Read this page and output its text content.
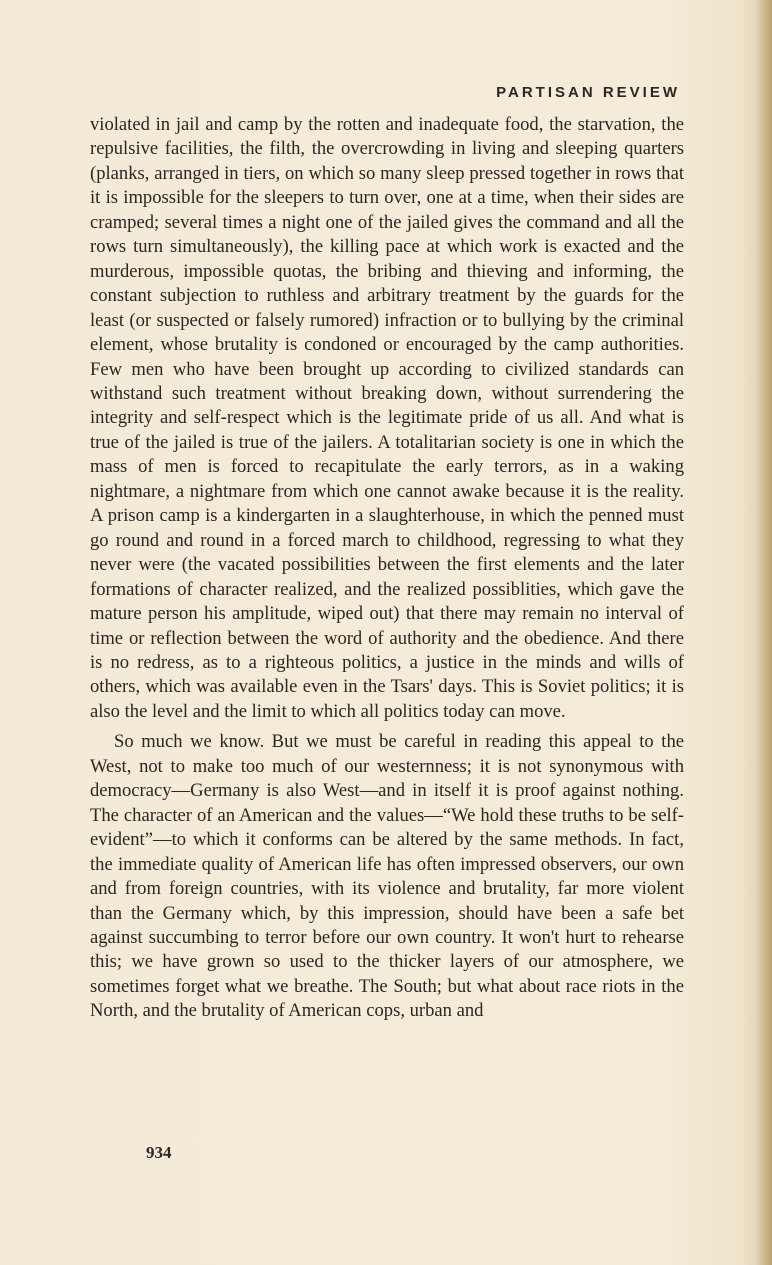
PARTISAN REVIEW

violated in jail and camp by the rotten and inadequate food, the starvation, the repulsive facilities, the filth, the overcrowding in living and sleeping quarters (planks, arranged in tiers, on which so many sleep pressed together in rows that it is impossible for the sleepers to turn over, one at a time, when their sides are cramped; several times a night one of the jailed gives the command and all the rows turn simultaneously), the killing pace at which work is exacted and the murderous, impossible quotas, the bribing and thieving and informing, the constant subjection to ruthless and arbitrary treatment by the guards for the least (or suspected or falsely rumored) infraction or to bullying by the criminal element, whose brutality is condoned or encouraged by the camp authorities. Few men who have been brought up according to civilized standards can withstand such treatment without breaking down, without surrendering the integrity and self-respect which is the legitimate pride of us all. And what is true of the jailed is true of the jailers. A totalitarian society is one in which the mass of men is forced to recapitulate the early terrors, as in a waking nightmare, a nightmare from which one cannot awake because it is the reality. A prison camp is a kindergarten in a slaughterhouse, in which the penned must go round and round in a forced march to childhood, regressing to what they never were (the vacated possibilities between the first elements and the later formations of character realized, and the realized possiblities, which gave the mature person his amplitude, wiped out) that there may remain no interval of time or reflection between the word of authority and the obedience. And there is no redress, as to a righteous politics, a justice in the minds and wills of others, which was available even in the Tsars' days. This is Soviet politics; it is also the level and the limit to which all politics today can move.

So much we know. But we must be careful in reading this appeal to the West, not to make too much of our westernness; it is not synonymous with democracy—Germany is also West—and in itself it is proof against nothing. The character of an American and the values—“We hold these truths to be self-evident”—to which it conforms can be altered by the same methods. In fact, the immediate quality of American life has often impressed observers, our own and from foreign countries, with its violence and brutality, far more violent than the Germany which, by this impression, should have been a safe bet against succumbing to terror before our own country. It won't hurt to rehearse this; we have grown so used to the thicker layers of our atmosphere, we sometimes forget what we breathe. The South; but what about race riots in the North, and the brutality of American cops, urban and

934
